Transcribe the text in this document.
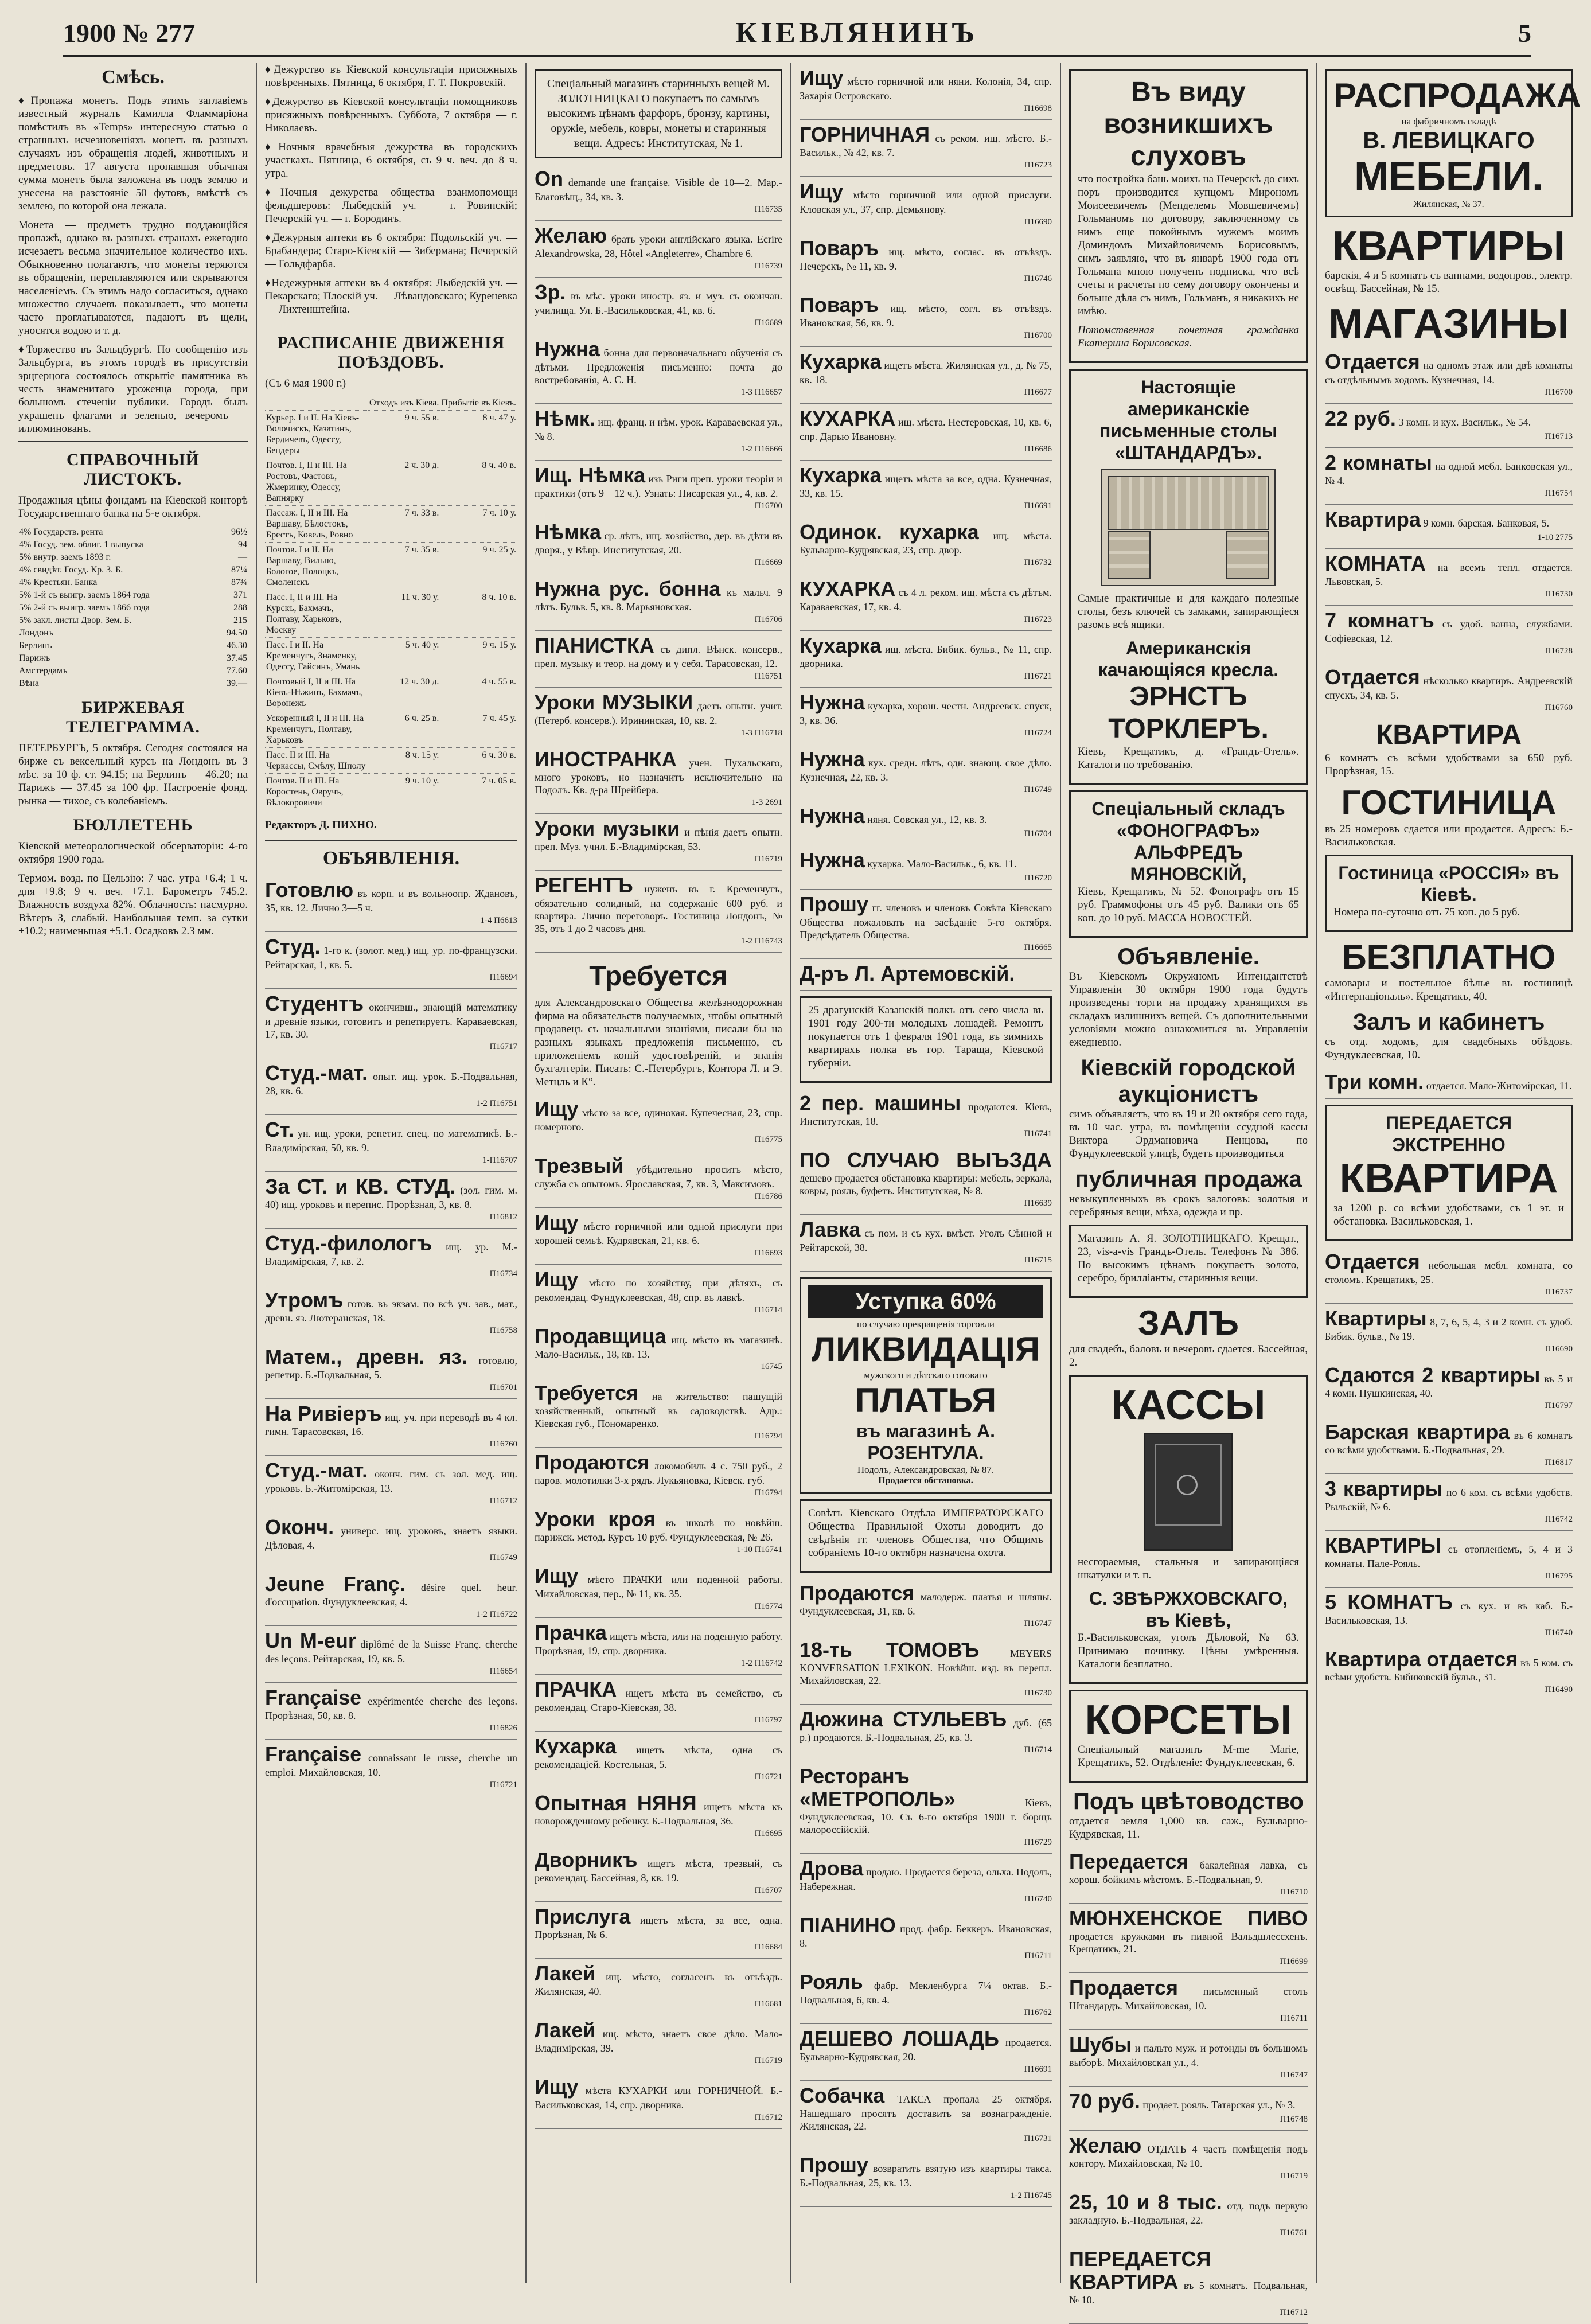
1900 № 277	КІЕВЛЯНИНЪ	5
Смѣсь.

♦Пропажа монетъ. Подъ этимъ заглавіемъ известный журналъ Камилла Фламмаріона помѣстилъ въ «Temps» интересную статью о странныхъ исчезновеніяхъ монетъ въ разныхъ случаяхъ изъ обращенія людей, животныхъ и предметовъ. 17 августа пропавшая обычная сумма монетъ была заложена въ подъ землю и унесена на разстояніе 50 футовъ, вмѣстѣ съ землею, по которой она лежала.

Монета — предметъ трудно поддающійся пропажѣ, однако въ разныхъ странахъ ежегодно исчезаетъ весьма значительное количество ихъ. Обыкновенно полагаютъ, что монеты теряются въ обращеніи, переплавляются или скрываются населеніемъ. Съ этимъ надо согласиться, однако множество случаевъ показываетъ, что монеты часто проглатываются, падаютъ въ щели, уносятся водою и т. д.

♦Торжество въ Зальцбургѣ. По сообщенію изъ Зальцбурга, въ этомъ городѣ въ присутствіи эрцгерцога состоялось открытіе памятника въ честь знаменитаго уроженца города, при большомъ стеченіи публики. Городъ былъ украшенъ флагами и зеленью, вечеромъ — иллюминованъ.

СПРАВОЧНЫЙ ЛИСТОКЪ.

Продажныя цѣны фондамъ на Кіевской конторѣ Государственнаго банка на 5-е октября.

4% Государств. рента	96½
4% Госуд. зем. облиг. 1 выпуска	94
5% внутр. заемъ 1893 г.	—
4% свидѣт. Госуд. Кр. З. Б.	87¼
4% Крестьян. Банка	87¾
5% 1-й съ выигр. заемъ 1864 года	371
5% 2-й съ выигр. заемъ 1866 года	288
5% закл. листы Двор. Зем. Б.	215
Лондонъ	94.50
Берлинъ	46.30
Парижъ	37.45
Амстердамъ	77.60
Вѣна	39.—
БИРЖЕВАЯ ТЕЛЕГРАММА.

ПЕТЕРБУРГЪ, 5 октября. Сегодня состоялся на бирже съ вексельный курсъ на Лондонъ въ 3 мѣс. за 10 ф. ст. 94.15; на Берлинъ — 46.20; на Парижъ — 37.45 за 100 фр. Настроеніе фонд. рынка — тихое, съ колебаніемъ.

БЮЛЛЕТЕНЬ

Кіевской метеорологической обсерваторіи: 4-го октября 1900 года.

Термом. возд. по Цельзію: 7 час. утра +6.4; 1 ч. дня +9.8; 9 ч. веч. +7.1. Барометръ 745.2. Влажность воздуха 82%. Облачность: пасмурно. Вѣтеръ З, слабый. Наибольшая темп. за сутки +10.2; наименьшая +5.1. Осадковъ 2.3 мм.

♦Дежурство въ Кіевской консультаціи присяжныхъ повѣренныхъ. Пятница, 6 октября, Г. Т. Покровскій.

♦Дежурство въ Кіевской консультаціи помощниковъ присяжныхъ повѣренныхъ. Суббота, 7 октября — г. Николаевъ.

♦Ночныя врачебныя дежурства въ городскихъ участкахъ. Пятница, 6 октября, съ 9 ч. веч. до 8 ч. утра.

♦Ночныя дежурства общества взаимопомощи фельдшеровъ: Лыбедскій уч. — г. Ровинскій; Печерскій уч. — г. Бородинъ.

♦Дежурныя аптеки въ 6 октября: Подольскій уч. — Брабандера; Старо-Кіевскій — Зибермана; Печерскій — Гольдфарба.

♦Недежурныя аптеки въ 4 октября: Лыбедскій уч. — Пекарскаго; Плоскій уч. — Лѣвандовскаго; Куреневка — Лихтенштейна.

РАСПИСАНІЕ ДВИЖЕНІЯ ПОѢЗДОВЪ.

(Съ 6 мая 1900 г.)

	Отходъ изъ Кіева.	Прибытіе въ Кіевъ.
Курьер. I и II. На Кіевъ-Волочискъ, Казатинъ, Бердичевъ, Одессу, Бендеры	9 ч. 55 в.	8 ч. 47 у.
Почтов. I, II и III. На Ростовъ, Фастовъ, Жмеринку, Одессу, Вапнярку	2 ч. 30 д.	8 ч. 40 в.
Пассаж. I, II и III. На Варшаву, Бѣлостокъ, Брестъ, Ковель, Ровно	7 ч. 33 в.	7 ч. 10 у.
Почтов. I и II. На Варшаву, Вильно, Бологое, Полоцкъ, Смоленскъ	7 ч. 35 в.	9 ч. 25 у.
Пасс. I, II и III. На Курскъ, Бахмачъ, Полтаву, Харьковъ, Москву	11 ч. 30 у.	8 ч. 10 в.
Пасс. I и II. На Кременчугъ, Знаменку, Одессу, Гайсинъ, Умань	5 ч. 40 у.	9 ч. 15 у.
Почтовый I, II и III. На Кіевъ-Нѣжинъ, Бахмачъ, Воронежъ	12 ч. 30 д.	4 ч. 55 в.
Ускоренный I, II и III. На Кременчугъ, Полтаву, Харьковъ	6 ч. 25 в.	7 ч. 45 у.
Пасс. II и III. На Черкассы, Смѣлу, Шполу	8 ч. 15 у.	6 ч. 30 в.
Почтов. II и III. На Коростень, Овручъ, Бѣлокоровичи	9 ч. 10 у.	7 ч. 05 в.

Редакторъ Д. ПИХНО.

ОБЪЯВЛЕНІЯ.
Готовлю въ корп. и въ вольноопр. Ждановъ, 35, кв. 12. Лично 3—5 ч.
1-4 П6613
Студ. 1-го к. (золот. мед.) ищ. ур. по-французски. Рейтарская, 1, кв. 5.
П16694
Студентъ окончивш., знающій математику и древніе языки, готовитъ и репетируетъ. Караваевская, 17, кв. 30.
П16717
Студ.-мат. опыт. ищ. урок. Б.-Подвальная, 28, кв. 6.
1-2 П16751
Ст. ун. ищ. уроки, репетит. спец. по математикѣ. Б.-Владимірская, 50, кв. 9.
1-П16707
За СТ. и КВ. СТУД. (зол. гим. м. 40) ищ. уроковъ и перепис. Прорѣзная, 3, кв. 8.
П16812
Студ.-филологъ ищ. ур. М.-Владимірская, 7, кв. 2.
П16734
Утромъ готов. въ экзам. по всѣ уч. зав., мат., древн. яз. Лютеранская, 18.
П16758
Матем., древн. яз. готовлю, репетир. Б.-Подвальная, 5.
П16701
На Ривіеръ ищ. уч. при переводѣ въ 4 кл. гимн. Тарасовская, 16.
П16760
Студ.-мат. оконч. гим. съ зол. мед. ищ. уроковъ. Б.-Житомірская, 13.
П16712
Оконч. универс. ищ. уроковъ, знаетъ языки. Дѣловая, 4.
П16749
Jeune Franç. désire quel. heur. d'occupation. Фундуклеевская, 4.
1-2 П16722
Un M-eur diplômé de la Suisse Franç. cherche des leçons. Рейтарская, 19, кв. 5.
П16654
Française expérimentée cherche des leçons. Прорѣзная, 50, кв. 8.
П16826
Française connaissant le russe, cherche un emploi. Михайловская, 10.
П16721
Спеціальный магазинъ старинныхъ вещей М. ЗОЛОТНИЦКАГО покупаетъ по самымъ высокимъ цѣнамъ фарфоръ, бронзу, картины, оружіе, мебель, ковры, монеты и старинныя вещи. Адресъ: Институтская, № 1.
On demande une française. Visible de 10—2. Мар.-Благовѣщ., 34, кв. 3.
П16735
Желаю брать уроки англійскаго языка. Ecrire Alexandrowska, 28, Hôtel «Angleterre», Chambre 6.
П16739
Зр. въ мѣс. уроки иностр. яз. и муз. съ окончан. училища. Ул. Б.-Васильковская, 41, кв. 6.
П16689
Нужна бонна для первоначальнаго обученія съ дѣтьми. Предложенія письменно: почта до востребованія, А. С. Н.
1-3 П16657
Нѣмк. ищ. франц. и нѣм. урок. Караваевская ул., № 8.
1-2 П16666
Ищ. Нѣмка изъ Риги преп. уроки теоріи и практики (отъ 9—12 ч.). Узнать: Писарская ул., 4, кв. 2.
П16700
Нѣмка ср. лѣтъ, ищ. хозяйство, дер. въ дѣти въ дворя., у Вѣвр. Институтская, 20.
П16669
Нужна рус. бонна къ мальч. 9 лѣтъ. Бульв. 5, кв. 8. Марьяновская.
П16706
ПІАНИСТКА съ дипл. Вѣнск. консерв., преп. музыку и теор. на дому и у себя. Тарасовская, 12.
П16751
Уроки МУЗЫКИ даетъ опытн. учит. (Петерб. консерв.). Ирининская, 10, кв. 2.
1-3 П16718
ИНОСТРАНКА учен. Пухальскаго, много уроковъ, но назначитъ исключительно на Подолъ. Кв. д-ра Шрейбера.
1-3 2691
Уроки музыки и пѣнія даетъ опытн. преп. Муз. учил. Б.-Владимірская, 53.
П16719
РЕГЕНТЪ нуженъ въ г. Кременчугъ, обязательно солидный, на содержаніе 600 руб. и квартира. Лично переговоръ. Гостиница Лондонъ, № 35, отъ 1 до 2 часовъ дня.
1-2 П16743
Требуется

для Александровскаго Общества желѣзнодорожная фирма на обязательств получаемых, чтобы опытный продавецъ съ начальными знаніями, писали бы на разныхъ языкахъ предложенія письменно, съ приложеніемъ копій удостовѣреній, и знанія бухгалтеріи. Писать: С.-Петербургъ, Контора Л. и Э. Метцль и К°.

Ищу мѣсто за все, одинокая. Купечесная, 23, спр. номерного.
П16775
Трезвый убѣдительно проситъ мѣсто, служба съ опытомъ. Ярославская, 7, кв. 3, Максимовъ.
П16786
Ищу мѣсто горничной или одной прислуги при хорошей семьѣ. Кудрявская, 21, кв. 6.
П16693
Ищу мѣсто по хозяйству, при дѣтяхъ, съ рекомендац. Фундуклеевская, 48, спр. въ лавкѣ.
П16714
Продавщица ищ. мѣсто въ магазинѣ. Мало-Васильк., 18, кв. 13.
16745
Требуется на жительство: пашущій хозяйственный, опытный въ садоводствѣ. Адр.: Кіевская губ., Пономаренко.
П16794
Продаются локомобиль 4 с. 750 руб., 2 паров. молотилки 3-х рядъ. Лукьяновка, Кіевск. губ.
П16794
Уроки кроя въ школѣ по новѣйш. парижск. метод. Курсъ 10 руб. Фундуклеевская, № 26.
1-10 П16741
Ищу мѣсто ПРАЧКИ или поденной работы. Михайловская, пер., № 11, кв. 35.
П16774
Прачка ищетъ мѣста, или на поденную работу. Прорѣзная, 19, спр. дворника.
1-2 П16742
ПРАЧКА ищетъ мѣста въ семейство, съ рекомендац. Старо-Кіевская, 38.
П16797
Кухарка ищетъ мѣста, одна съ рекомендаціей. Костельная, 5.
П16721
Опытная НЯНЯ ищетъ мѣста къ новорожденному ребенку. Б.-Подвальная, 36.
П16695
Дворникъ ищетъ мѣста, трезвый, съ рекомендац. Бассейная, 8, кв. 19.
П16707
Прислуга ищетъ мѣста, за все, одна. Прорѣзная, № 6.
П16684
Лакей ищ. мѣсто, согласенъ въ отъѣздъ. Жилянская, 40.
П16681
Лакей ищ. мѣсто, знаетъ свое дѣло. Мало-Владимірская, 39.
П16719
Ищу мѣста КУХАРКИ или ГОРНИЧНОЙ. Б.-Васильковская, 14, спр. дворника.
П16712
Ищу мѣсто горничной или няни. Колонія, 34, спр. Захарія Островскаго.
П16698
ГОРНИЧНАЯ съ реком. ищ. мѣсто. Б.-Васильк., № 42, кв. 7.
П16723
Ищу мѣсто горничной или одной прислуги. Кловская ул., 37, спр. Демьянову.
П16690
Поваръ ищ. мѣсто, соглас. въ отъѣздъ. Печерскъ, № 11, кв. 9.
П16746
Поваръ ищ. мѣсто, согл. въ отъѣздъ. Ивановская, 56, кв. 9.
П16700
Кухарка ищетъ мѣста. Жилянская ул., д. № 75, кв. 18.
П16677
КУХАРКА ищ. мѣста. Нестеровская, 10, кв. 6, спр. Дарью Ивановну.
П16686
Кухарка ищетъ мѣста за все, одна. Кузнечная, 33, кв. 15.
П16691
Одинок. кухарка ищ. мѣста. Бульварно-Кудрявская, 23, спр. двор.
П16732
КУХАРКА съ 4 л. реком. ищ. мѣста съ дѣтъм. Караваевская, 17, кв. 4.
П16723
Кухарка ищ. мѣста. Бибик. бульв., № 11, спр. дворника.
П16721
Нужна кухарка, хорош. честн. Андреевск. спуск, 3, кв. 36.
П16724
Нужна кух. средн. лѣтъ, одн. знающ. свое дѣло. Кузнечная, 22, кв. 3.
П16749
Нужна няня. Совская ул., 12, кв. 3.
П16704
Нужна кухарка. Мало-Васильк., 6, кв. 11.
П16720
Прошу гг. членовъ и членовъ Совѣта Кіевскаго Общества пожаловать на засѣданіе 5-го октября. Предсѣдатель Общества.
П16665
Д-ръ Л. Артемовскій.

25 драгунскій Казанскій полкъ отъ сего числа въ 1901 году 200-ти молодыхъ лошадей. Ремонтъ покупается отъ 1 февраля 1901 года, въ зимнихъ квартирахъ полка въ гор. Тараща, Кіевской губерніи.

2 пер. машины продаются. Кіевъ, Институтская, 18.
П16741
ПО СЛУЧАЮ ВЫЪЗДА дешево продается обстановка квартиры: мебель, зеркала, ковры, рояль, буфетъ. Институтская, № 8.
П16639
Лавка съ пом. и съ кух. вмѣст. Уголъ Сѣнной и Рейтарской, 38.
П16715
Уступка 60%
по случаю прекращенія торговли
ЛИКВИДАЦІЯ
мужского и дѣтскаго готоваго
ПЛАТЬЯ
въ магазинѣ А. РОЗЕНТУЛА.
Подолъ, Александровская, № 87.
Продается обстановка.

Совѣтъ Кіевскаго Отдѣла ИМПЕРАТОРСКАГО Общества Правильной Охоты доводитъ до свѣдѣнія гг. членовъ Общества, что Общимъ собраніемъ 10-го октября назначена охота.

Продаются малодерж. платья и шляпы. Фундуклеевская, 31, кв. 6.
П16747
18-ть ТОМОВЪ	MEYERS KONVERSATION LEXIKON. Новѣйш. изд. въ перепл. Михайловская, 22.
П16730
Дюжина СТУЛЬЕВЪ дуб. (65 р.) продаются. Б.-Подвальная, 25, кв. 3.
П16714
Ресторанъ «МЕТРОПОЛЬ»	Кіевъ, Фундуклеевская, 10. Съ 6-го октября 1900 г. борщъ малороссійскій.
П16729
Дрова продаю. Продается береза, ольха. Подолъ, Набережная.
П16740
ПІАНИНО прод. фабр. Беккеръ. Ивановская, 8.
П16711
Рояль фабр. Мекленбурга 7¼ октав. Б.-Подвальная, 6, кв. 4.
П16762
ДЕШЕВО ЛОШАДЬ продается. Бульварно-Кудрявская, 20.
П16691
Собачка ТАКСА пропала 25 октября. Нашедшаго просятъ доставить за вознагражденіе. Жилянская, 22.
П16731
Прошу возвратить взятую изъ квартиры такса. Б.-Подвальная, 25, кв. 13.
1-2 П16745
Въ виду возникшихъ слуховъ

что постройка бань моихъ на Печерскѣ до сихъ поръ производится купцомъ Мирономъ Моисеевичемъ (Менделемъ Мовшевичемъ) Гольманомъ по договору, заключенному съ нимъ еще покойнымъ мужемъ моимъ Доминдомъ Михайловичемъ Борисовымъ, симъ заявляю, что въ январѣ 1900 года отъ Гольмана мною полученъ подписка, что всѣ счеты и расчеты по сему договору окончены и больше дѣла съ нимъ, Гольманъ, я никакихъ не имѣю.

Потомственная почетная гражданка Екатерина Борисовская.

Настоящіе американскіе письменные столы «ШТАНДАРДЪ».

Самые практичные и для каждаго полезные столы, безъ ключей съ замками, запирающіеся разомъ всѣ ящики.

Американскія качающіяся кресла.
ЭРНСТЪ ТОРКЛЕРЪ.

Кіевъ, Крещатикъ, д. «Грандъ-Отель». Каталоги по требованію.

Спеціальный складъ «ФОНОГРАФЪ» АЛЬФРЕДЪ МЯНОВСКІЙ,

Кіевъ, Крещатикъ, № 52. Фонографъ отъ 15 руб. Граммофоны отъ 45 руб. Валики отъ 65 коп. до 10 руб. МАССА НОВОСТЕЙ.

Объявленіе.

Въ Кіевскомъ Окружномъ Интендантствѣ Управленіи 30 октября 1900 года будутъ произведены торги на продажу хранящихся въ складахъ излишнихъ вещей. Съ дополнительными условіями можно ознакомиться въ Управленіи ежедневно.

Кіевскій городской аукціонистъ

симъ объявляетъ, что въ 19 и 20 октября сего года, въ 10 час. утра, въ помѣщеніи ссудной кассы Виктора Эрдмановича Пенцова, по Фундуклеевской улицѣ, будетъ производиться

публичная продажа

невыкупленныхъ въ срокъ залоговъ: золотыя и серебряныя вещи, мѣха, одежда и пр.

Магазинъ А. Я. ЗОЛОТНИЦКАГО. Крещат., 23, vis-a-vis Грандъ-Отель. Телефонъ № 386. По высокимъ цѣнамъ покупаетъ золото, серебро, брилліанты, старинныя вещи.

ЗАЛЪ

для свадебъ, баловъ и вечеровъ сдается. Бассейная, 2.

КАССЫ

несгораемыя, стальныя и запирающіяся шкатулки и т. п.

С. ЗВѢРЖХОВСКАГО, въ Кіевѣ,

Б.-Васильковская, уголъ Дѣловой, № 63. Принимаю починку. Цѣны умѣренныя. Каталоги безплатно.

КОРСЕТЫ

Спеціальный магазинъ M-me Marie, Крещатикъ, 52. Отдѣленіе: Фундуклеевская, 6.

Подъ цвѣтоводство

отдается земля 1,000 кв. саж., Бульварно-Кудрявская, 11.

Передается бакалейная лавка, съ хорош. бойкимъ мѣстомъ. Б.-Подвальная, 9.
П16710
МЮНХЕНСКОЕ ПИВО продается кружками въ пивной Вальдшлессхенъ. Крещатикъ, 21.
П16699
Продается письменный столъ Штандардъ. Михайловская, 10.
П16711
Шубы и пальто муж. и ротонды въ большомъ выборѣ. Михайловская ул., 4.
П16747
70 руб. продает. рояль. Татарская ул., № 3.
П16748
Желаю ОТДАТЬ 4 часть помѣщенія подъ контору. Михайловская, № 10.
П16719
25, 10 и 8 тыс. отд. подъ первую закладную. Б.-Подвальная, 22.
П16761
ПЕРЕДАЕТСЯ КВАРТИРА въ 5 комнатъ. Подвальная, № 10.
П16712
РАСПРОДАЖА
на фабричномъ складѣ
В. ЛЕВИЦКАГО
МЕБЕЛИ.
Жилянская, № 37.
КВАРТИРЫ

барскія, 4 и 5 комнатъ съ ваннами, водопров., электр. освѣщ. Бассейная, № 15.

МАГАЗИНЫ
Отдается на одномъ этаж или двѣ комнаты съ отдѣльнымъ ходомъ. Кузнечная, 14.
П16700
22 руб. 3 комн. и кух. Васильк., № 54.
П16713
2 комнаты на одной мебл. Банковская ул., № 4.
П16754
Квартира 9 комн. барская. Банковая, 5.
1-10 2775
КОМНАТА на всемъ тепл. отдается. Львовская, 5.
П16730
7 комнатъ съ удоб. ваннa, службами. Софіевская, 12.
П16728
Отдается нѣсколько квартиръ. Андреевскій спускъ, 34, кв. 5.
П16760
КВАРТИРА

6 комнатъ съ всѣми удобствами за 650 руб. Прорѣзная, 15.

ГОСТИНИЦА

въ 25 номеровъ сдается или продается. Адресъ: Б.-Васильковская.

Гостиница «РОССІЯ» въ Кіевѣ.

Номера по-суточно отъ 75 коп. до 5 руб.

БЕЗПЛАТНО

самовары и постельное бѣлье въ гостиницѣ «Интернаціональ». Крещатикъ, 40.

Залъ и кабинетъ

съ отд. ходомъ, для свадебныхъ обѣдовъ. Фундуклеевская, 10.

Три комн. отдается. Мало-Житомірская, 11.
ПЕРЕДАЕТСЯ ЭКСТРЕННО
КВАРТИРА

за 1200 р. со всѣми удобствами, съ 1 эт. и обстановка. Васильковская, 1.

Отдается небольшая мебл. комната, со столомъ. Крещатикъ, 25.
П16737
Квартиры 8, 7, 6, 5, 4, 3 и 2 комн. съ удоб. Бибик. бульв., № 19.
П16690
Сдаются 2 квартиры въ 5 и 4 комн. Пушкинская, 40.
П16797
Барская квартира въ 6 комнатъ со всѣми удобствами. Б.-Подвальная, 29.
П16817
3 квартиры по 6 ком. съ всѣми удобств. Рыльскій, № 6.
П16742
КВАРТИРЫ съ отопленіемъ, 5, 4 и 3 комнаты. Пале-Рояль.
П16795
5 КОМНАТЪ съ кух. и въ каб. Б.-Васильковская, 13.
П16740
Квартира отдается въ 5 ком. съ всѣми удобств. Бибиковскій бульв., 31.
П16490
